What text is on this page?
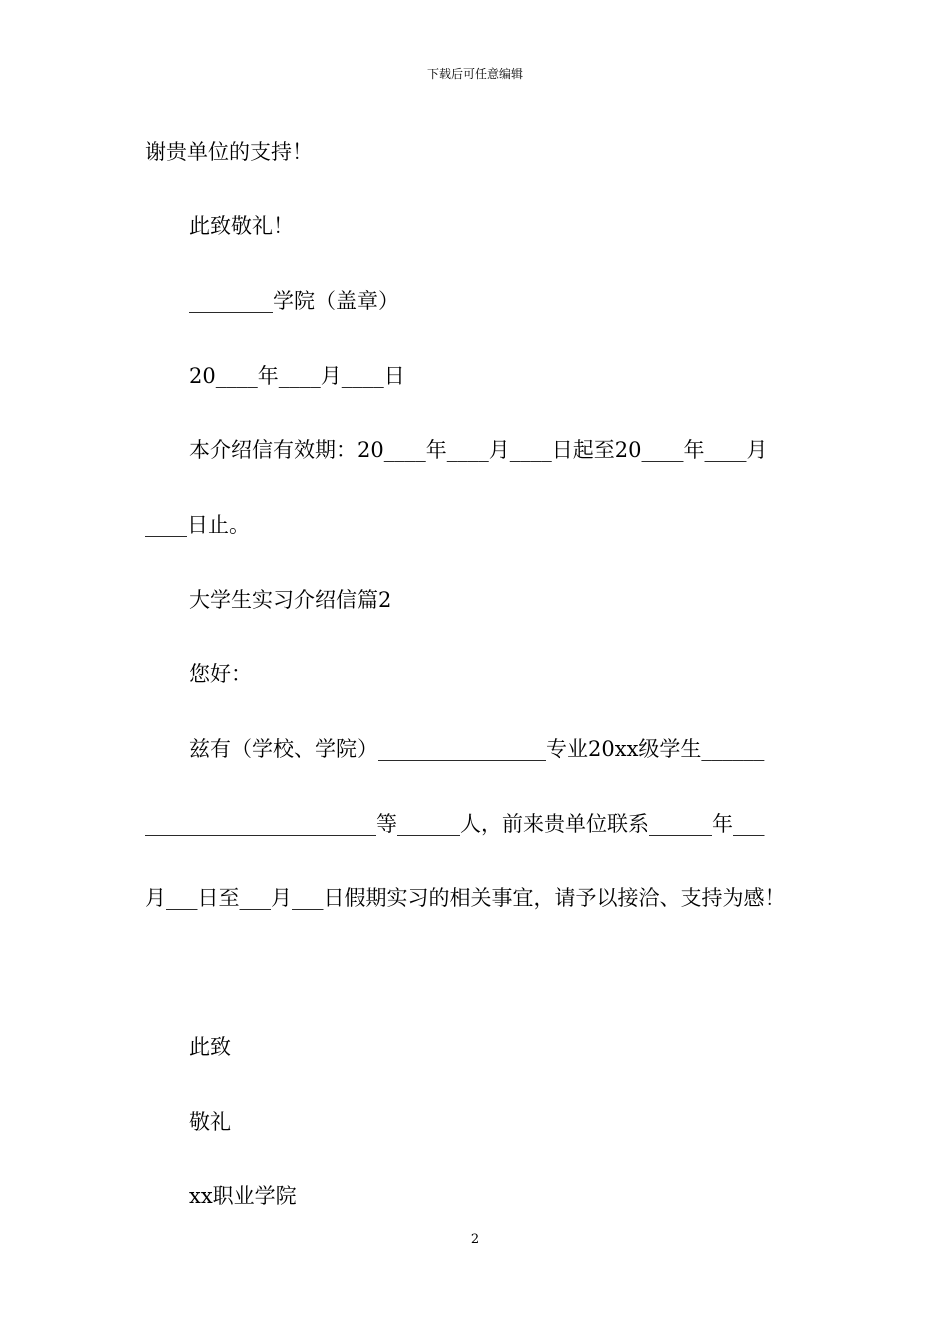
下载后可任意编辑
谢贵单位的支持！
此致敬礼！
________学院（盖章）
20____年____月____日
本介绍信有效期：20____年____月____日起至20____年____月
____日止。
大学生实习介绍信篇2
您好：
兹有（学校、学院）________________专业20xx级学生______
______________________等______人，前来贵单位联系______年___
月___日至___月___日假期实习的相关事宜，请予以接洽、支持为感！
此致
敬礼
xx职业学院
2
